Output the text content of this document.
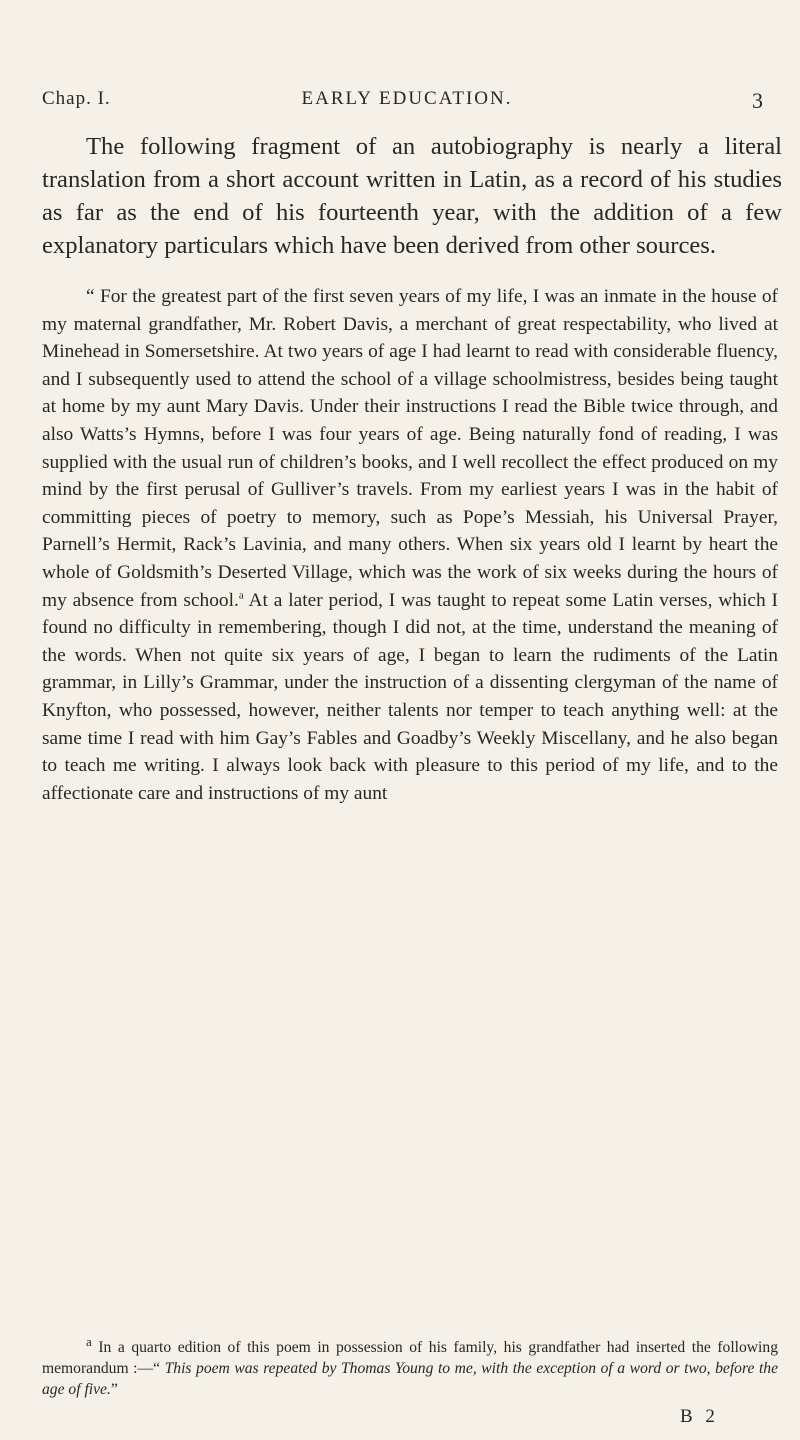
Chap. I.	EARLY EDUCATION.	3

The following fragment of an autobiography is nearly a literal translation from a short account written in Latin, as a record of his studies as far as the end of his fourteenth year, with the addition of a few explanatory particulars which have been derived from other sources.

“ For the greatest part of the first seven years of my life, I was an inmate in the house of my maternal grandfather, Mr. Robert Davis, a merchant of great respectability, who lived at Minehead in Somersetshire. At two years of age I had learnt to read with considerable fluency, and I subsequently used to attend the school of a village schoolmistress, besides being taught at home by my aunt Mary Davis. Under their instructions I read the Bible twice through, and also Watts’s Hymns, before I was four years of age. Being naturally fond of reading, I was supplied with the usual run of children’s books, and I well recollect the effect produced on my mind by the first perusal of Gulliver’s travels. From my earliest years I was in the habit of committing pieces of poetry to memory, such as Pope’s Messiah, his Universal Prayer, Parnell’s Hermit, Rack’s Lavinia, and many others. When six years old I learnt by heart the whole of Goldsmith’s Deserted Village, which was the work of six weeks during the hours of my absence from school.$^a$ At a later period, I was taught to repeat some Latin verses, which I found no difficulty in remembering, though I did not, at the time, understand the meaning of the words. When not quite six years of age, I began to learn the rudiments of the Latin grammar, in Lilly’s Grammar, under the instruction of a dissenting clergyman of the name of Knyfton, who possessed, however, neither talents nor temper to teach anything well: at the same time I read with him Gay’s Fables and Goadby’s Weekly Miscellany, and he also began to teach me writing. I always look back with pleasure to this period of my life, and to the affectionate care and instructions of my aunt

$^a$ In a quarto edition of this poem in possession of his family, his grandfather had inserted the following memorandum :—“ This poem was repeated by Thomas Young to me, with the exception of a word or two, before the age of five.”

B 2
